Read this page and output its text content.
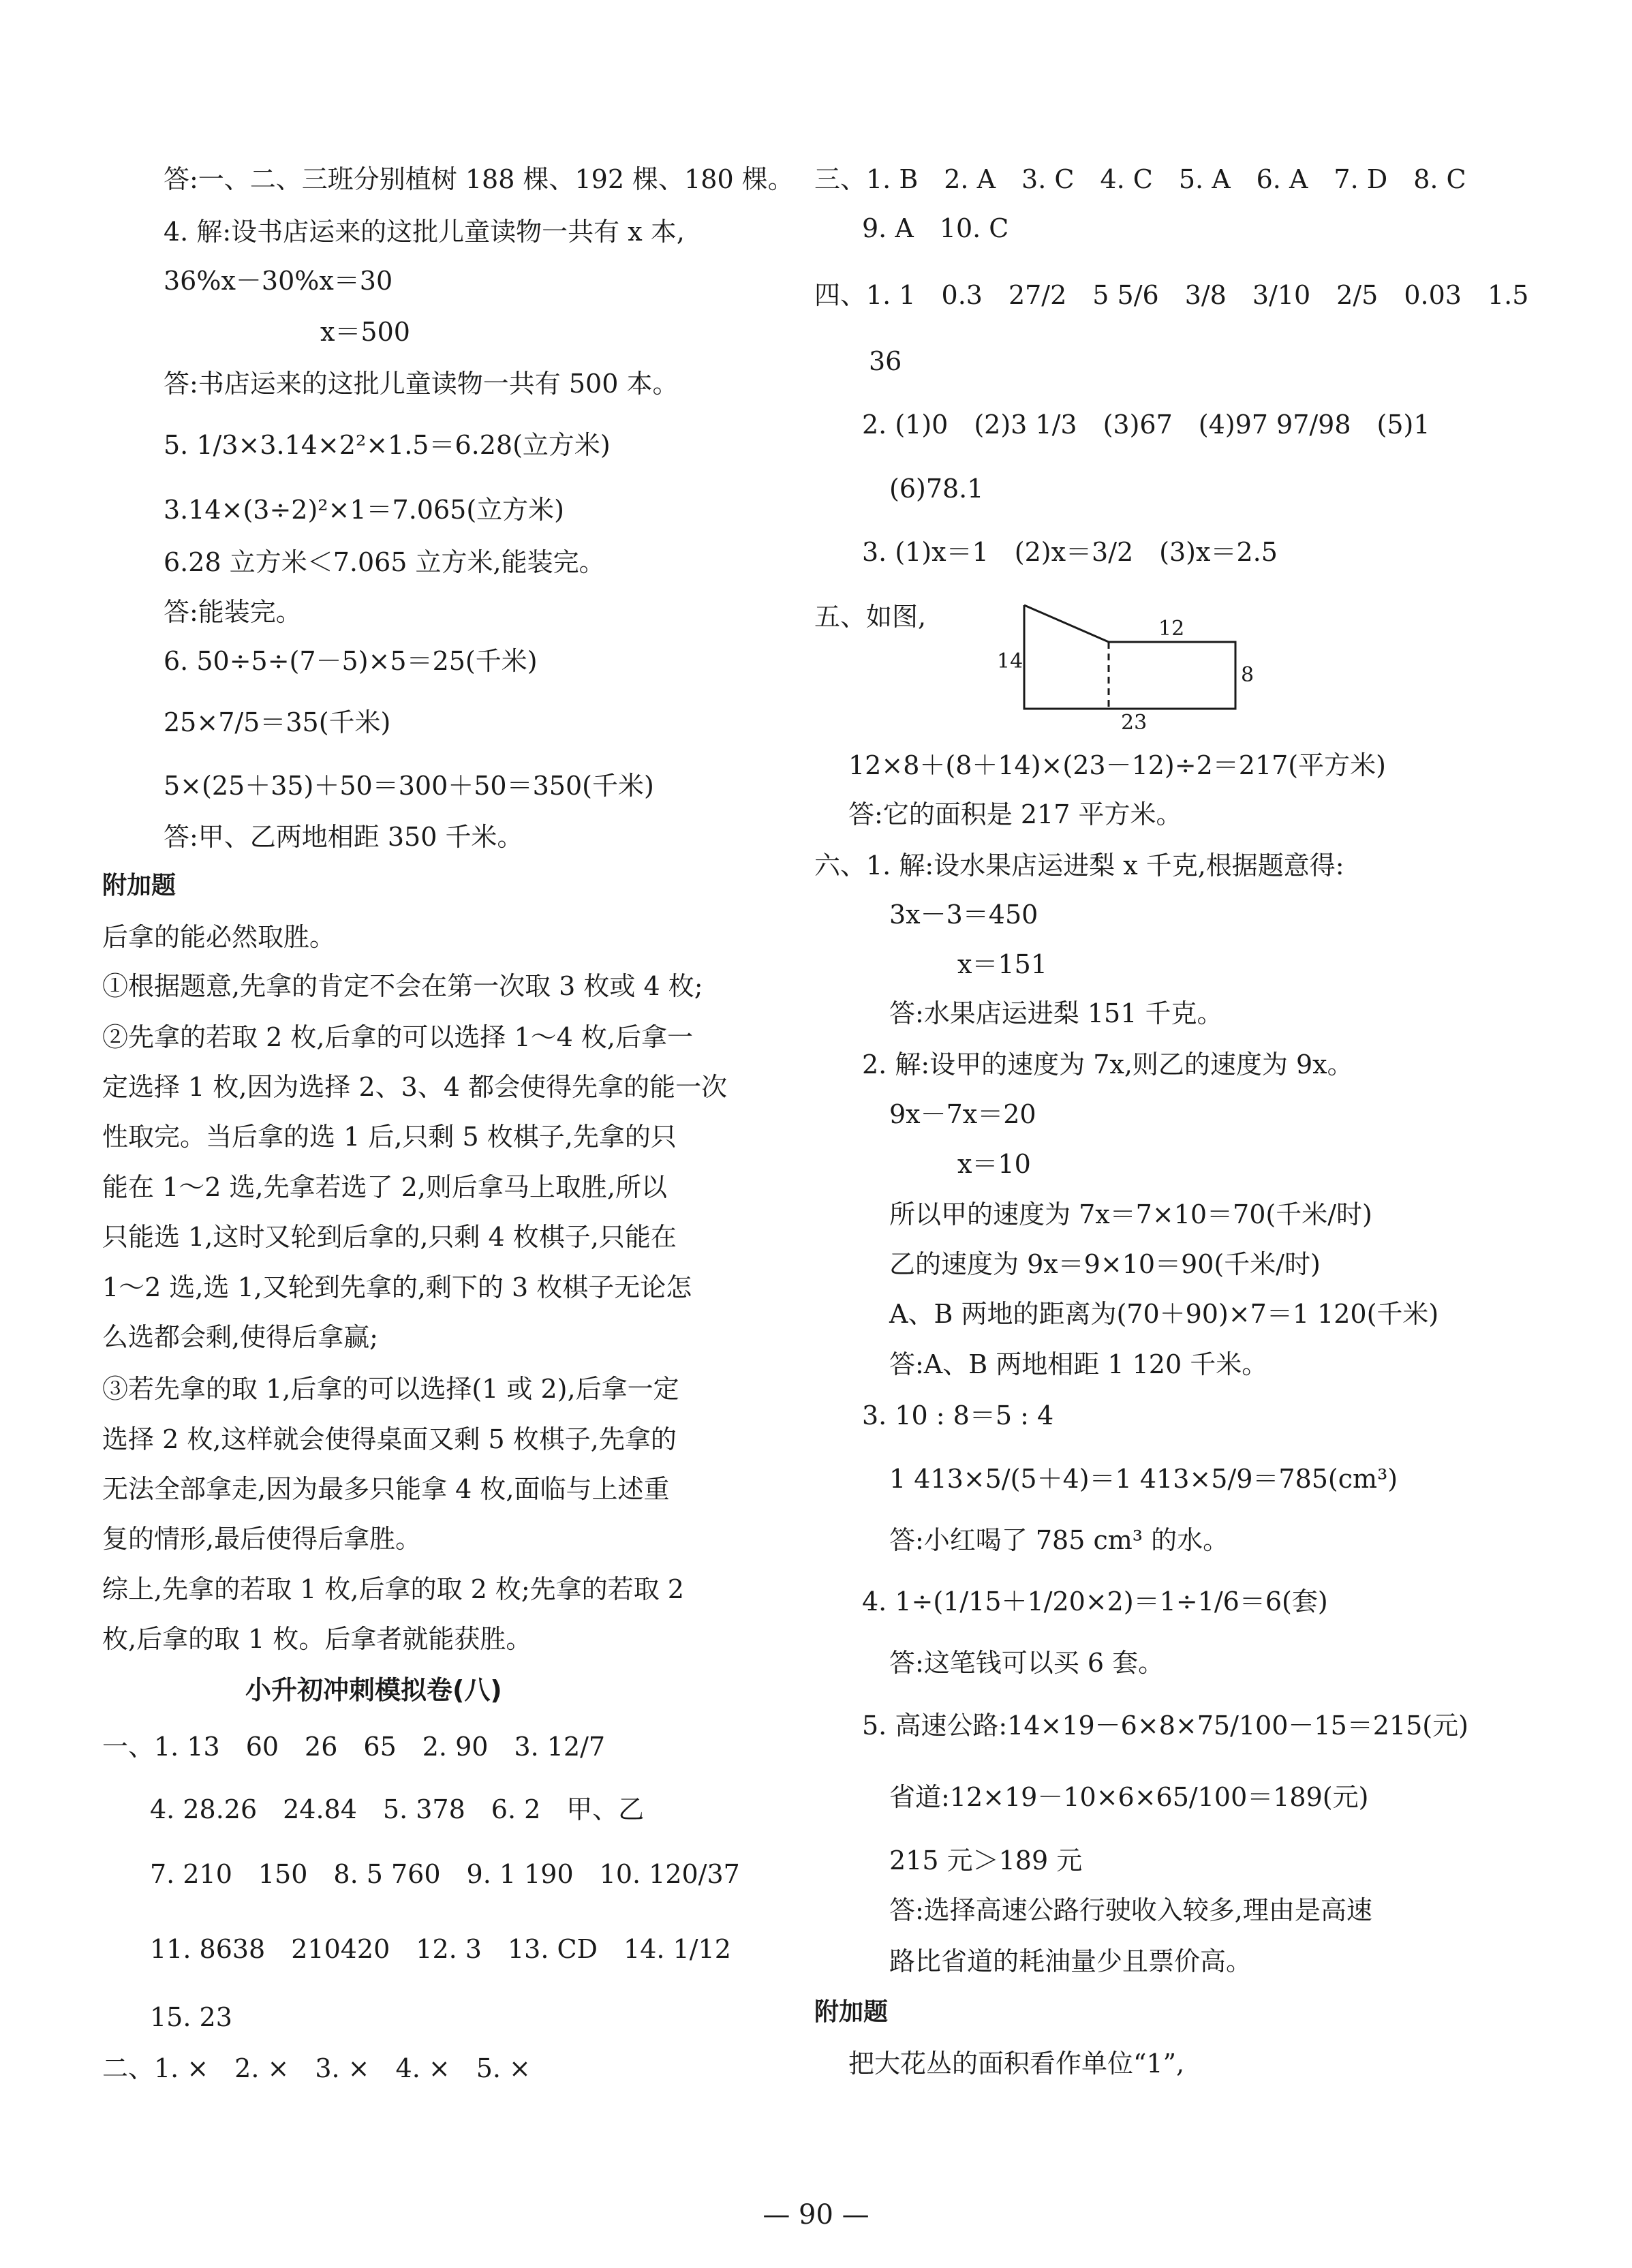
答:一、二、三班分别植树 188 棵、192 棵、180 棵。
4. 解:设书店运来的这批儿童读物一共有 x 本,
36%x－30%x＝30
x＝500
答:书店运来的这批儿童读物一共有 500 本。
5. 1/3×3.14×2²×1.5＝6.28(立方米)
3.14×(3÷2)²×1＝7.065(立方米)
6.28 立方米＜7.065 立方米,能装完。
答:能装完。
6. 50÷5÷(7－5)×5＝25(千米)
25×7/5＝35(千米)
5×(25＋35)＋50＝300＋50＝350(千米)
答:甲、乙两地相距 350 千米。
附加题
后拿的能必然取胜。
①根据题意,先拿的肯定不会在第一次取 3 枚或 4 枚;
②先拿的若取 2 枚,后拿的可以选择 1～4 枚,后拿一
定选择 1 枚,因为选择 2、3、4 都会使得先拿的能一次
性取完。当后拿的选 1 后,只剩 5 枚棋子,先拿的只
能在 1～2 选,先拿若选了 2,则后拿马上取胜,所以
只能选 1,这时又轮到后拿的,只剩 4 枚棋子,只能在
1～2 选,选 1,又轮到先拿的,剩下的 3 枚棋子无论怎
么选都会剩,使得后拿赢;
③若先拿的取 1,后拿的可以选择(1 或 2),后拿一定
选择 2 枚,这样就会使得桌面又剩 5 枚棋子,先拿的
无法全部拿走,因为最多只能拿 4 枚,面临与上述重
复的情形,最后使得后拿胜。
综上,先拿的若取 1 枚,后拿的取 2 枚;先拿的若取 2
枚,后拿的取 1 枚。后拿者就能获胜。
小升初冲刺模拟卷(八)
一、1. 13　60　26　65　2. 90　3. 12/7
4. 28.26　24.84　5. 378　6. 2　甲、乙
7. 210　150　8. 5 760　9. 1 190　10. 120/37
11. 8638　210420　12. 3　13. CD　14. 1/12
15. 23
二、1. ×　2. ×　3. ×　4. ×　5. ×
三、1. B　2. A　3. C　4. C　5. A　6. A　7. D　8. C
9. A　10. C
四、1. 1　0.3　27/2　5 5/6　3/8　3/10　2/5　0.03　1.5
36
2. (1)0　(2)3 1/3　(3)67　(4)97 97/98　(5)1
(6)78.1
3. (1)x＝1　(2)x＝3/2　(3)x＝2.5
五、如图,	12
14
8
23
12×8＋(8＋14)×(23－12)÷2＝217(平方米)
答:它的面积是 217 平方米。
六、1. 解:设水果店运进梨 x 千克,根据题意得:
3x－3＝450
x＝151
答:水果店运进梨 151 千克。
2. 解:设甲的速度为 7x,则乙的速度为 9x。
9x－7x＝20
x＝10
所以甲的速度为 7x＝7×10＝70(千米/时)
乙的速度为 9x＝9×10＝90(千米/时)
A、B 两地的距离为(70＋90)×7＝1 120(千米)
答:A、B 两地相距 1 120 千米。
3. 10 : 8＝5 : 4
1 413×5/(5＋4)＝1 413×5/9＝785(cm³)
答:小红喝了 785 cm³ 的水。
4. 1÷(1/15＋1/20×2)＝1÷1/6＝6(套)
答:这笔钱可以买 6 套。
5. 高速公路:14×19－6×8×75/100－15＝215(元)
省道:12×19－10×6×65/100＝189(元)
215 元＞189 元
答:选择高速公路行驶收入较多,理由是高速
路比省道的耗油量少且票价高。
附加题
把大花丛的面积看作单位“1”,
— 90 —
